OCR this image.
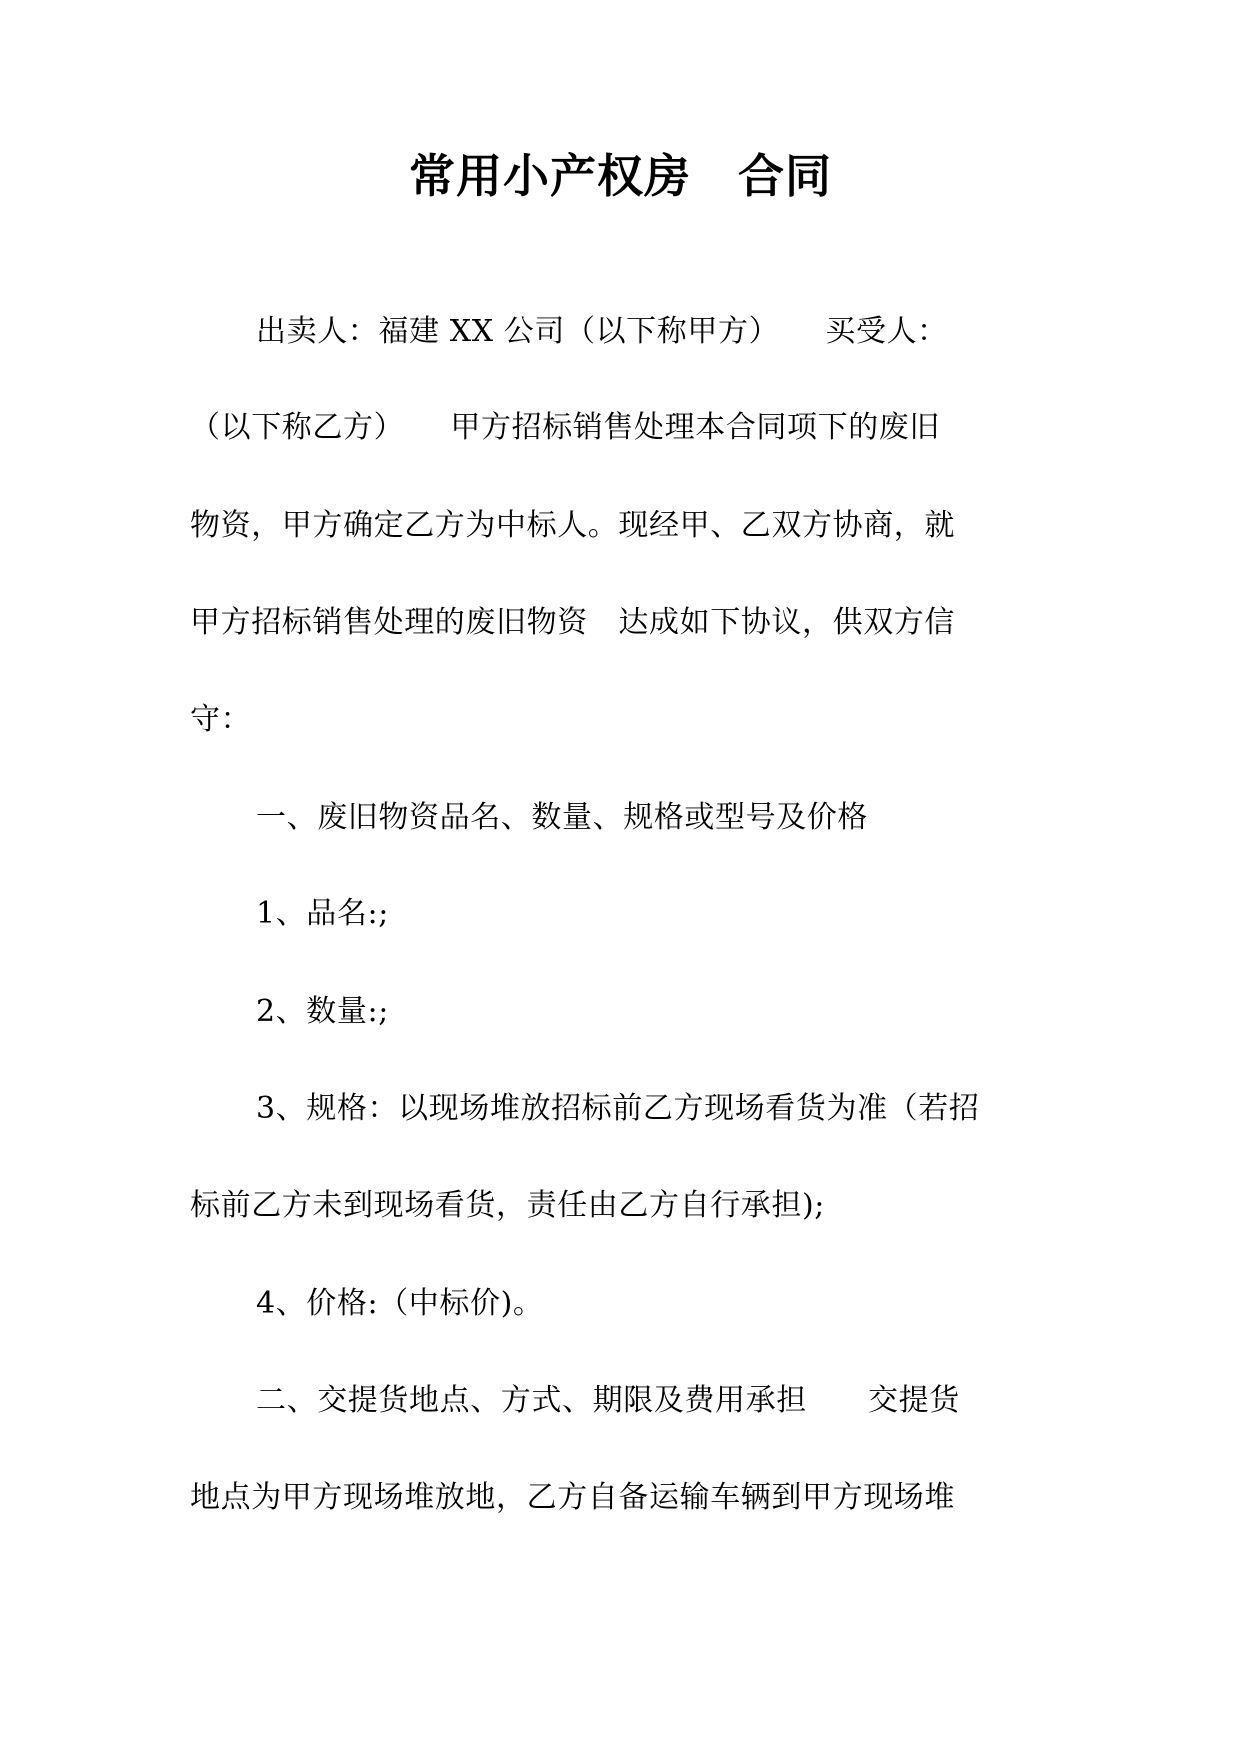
常用小产权房　合同
出卖人：福建 XX 公司（以下称甲方）　　买受人：
（以下称乙方）　　甲方招标销售处理本合同项下的废旧
物资，甲方确定乙方为中标人。现经甲、乙双方协商，就
甲方招标销售处理的废旧物资　达成如下协议，供双方信
守：
一、废旧物资品名、数量、规格或型号及价格
1、品名:;
2、数量:;
3、规格：以现场堆放招标前乙方现场看货为准（若招
标前乙方未到现场看货，责任由乙方自行承担);
4、价格:（中标价)。
二、交提货地点、方式、期限及费用承担　　交提货
地点为甲方现场堆放地，乙方自备运输车辆到甲方现场堆
